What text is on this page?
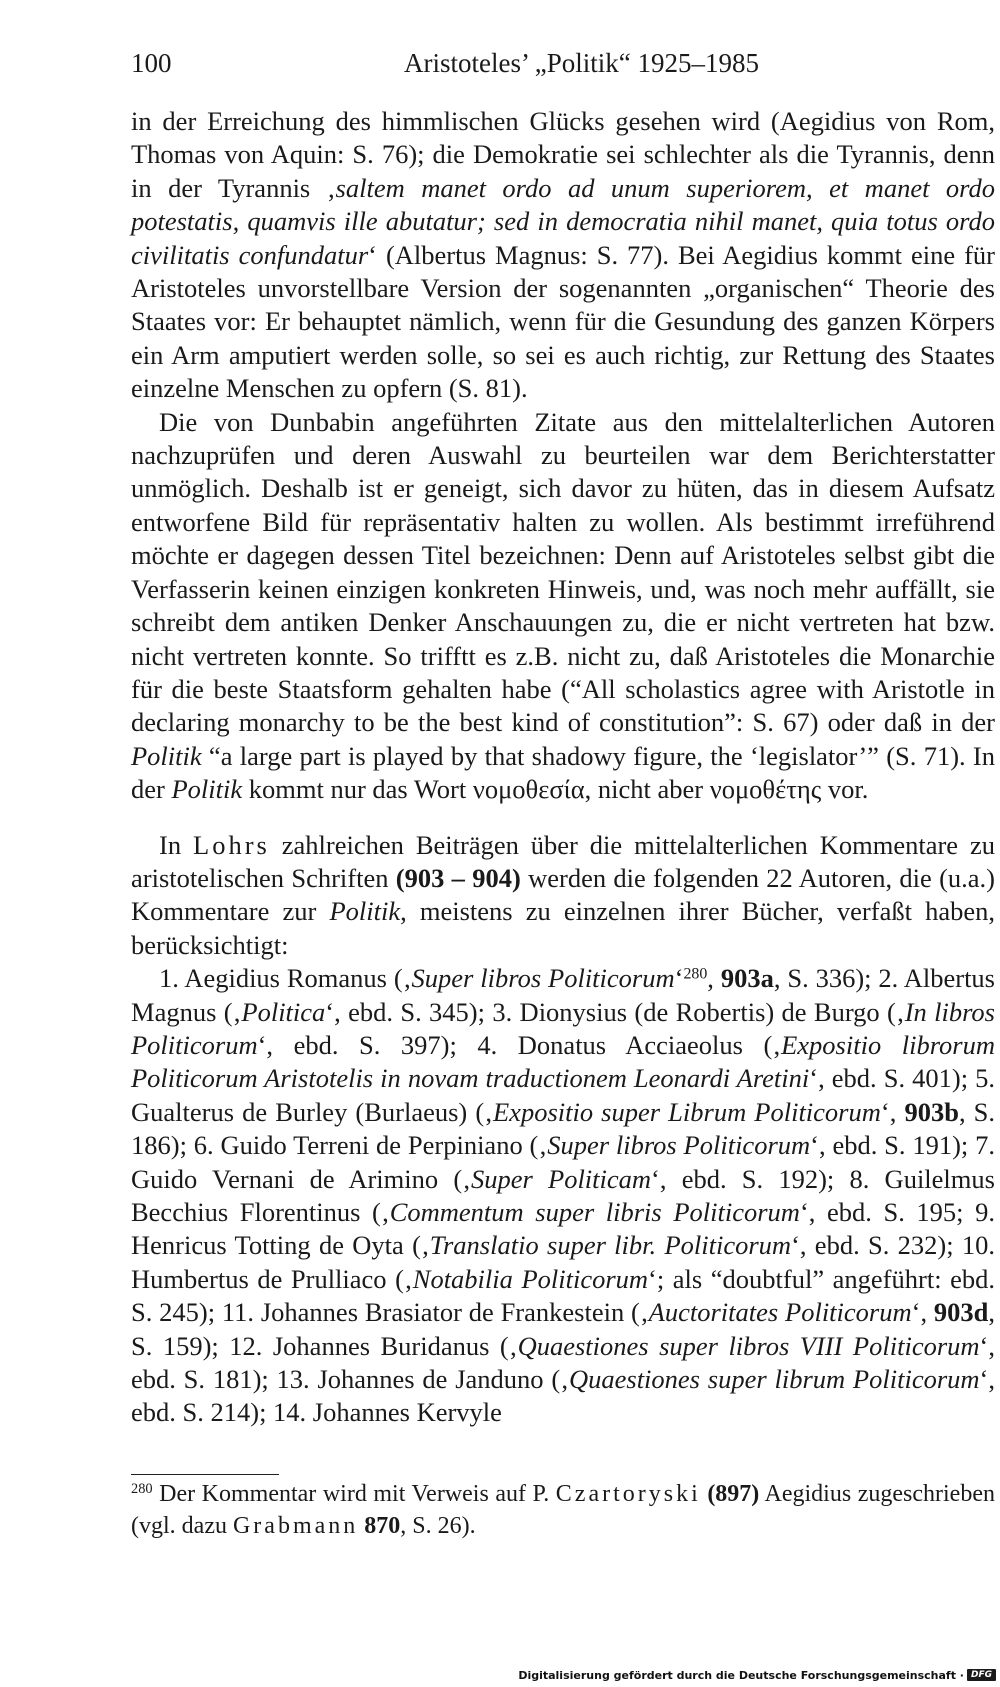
100	Aristoteles’ „Politik“ 1925–1985

in der Erreichung des himmlischen Glücks gesehen wird (Aegidius von Rom, Thomas von Aquin: S. 76); die Demokratie sei schlechter als die Tyrannis, denn in der Tyrannis ‚saltem manet ordo ad unum superiorem, et manet ordo potestatis, quamvis ille abutatur; sed in democratia nihil manet, quia totus ordo civilitatis confundatur‘ (Albertus Magnus: S. 77). Bei Aegidius kommt eine für Aristoteles unvorstellbare Version der sogenannten „organischen“ Theorie des Staates vor: Er behauptet nämlich, wenn für die Gesundung des ganzen Körpers ein Arm amputiert werden solle, so sei es auch richtig, zur Rettung des Staates einzelne Menschen zu opfern (S. 81).

Die von Dunbabin angeführten Zitate aus den mittelalterlichen Autoren nachzuprüfen und deren Auswahl zu beurteilen war dem Berichterstatter unmöglich. Deshalb ist er geneigt, sich davor zu hüten, das in diesem Aufsatz entworfene Bild für repräsentativ halten zu wollen. Als bestimmt irreführend möchte er dagegen dessen Titel bezeichnen: Denn auf Aristoteles selbst gibt die Verfasserin keinen einzigen konkreten Hinweis, und, was noch mehr auffällt, sie schreibt dem antiken Denker Anschauungen zu, die er nicht vertreten hat bzw. nicht vertreten konnte. So trifftt es z.B. nicht zu, daß Aristoteles die Monarchie für die beste Staatsform gehalten habe (“All scholastics agree with Aristotle in declaring monarchy to be the best kind of constitution”: S. 67) oder daß in der Politik “a large part is played by that shadowy figure, the ‘legislator’” (S. 71). In der Politik kommt nur das Wort νομοθεσία, nicht aber νομοθέτης vor.

In Lohrs zahlreichen Beiträgen über die mittelalterlichen Kommentare zu aristotelischen Schriften (903 – 904) werden die folgenden 22 Autoren, die (u.a.) Kommentare zur Politik, meistens zu einzelnen ihrer Bücher, verfaßt haben, berücksichtigt:

1. Aegidius Romanus (‚Super libros Politicorum‘$^{280}$, 903a, S. 336); 2. Albertus Magnus (‚Politica‘, ebd. S. 345); 3. Dionysius (de Robertis) de Burgo (‚In libros Politicorum‘, ebd. S. 397); 4. Donatus Acciaeolus (‚Expositio librorum Politicorum Aristotelis in novam traductionem Leonardi Aretini‘, ebd. S. 401); 5. Gualterus de Burley (Burlaeus) (‚Expositio super Librum Politicorum‘, 903b, S. 186); 6. Guido Terreni de Perpiniano (‚Super libros Politicorum‘, ebd. S. 191); 7. Guido Vernani de Arimino (‚Super Politicam‘, ebd. S. 192); 8. Guilelmus Becchius Florentinus (‚Commentum super libris Politicorum‘, ebd. S. 195; 9. Henricus Totting de Oyta (‚Translatio super libr. Politicorum‘, ebd. S. 232); 10. Humbertus de Prulliaco (‚Notabilia Politicorum‘; als “doubtful” angeführt: ebd. S. 245); 11. Johannes Brasiator de Frankestein (‚Auctoritates Politicorum‘, 903d, S. 159); 12. Johannes Buridanus (‚Quaestiones super libros VIII Politicorum‘, ebd. S. 181); 13. Johannes de Janduno (‚Quaestiones super librum Politicorum‘, ebd. S. 214); 14. Johannes Kervyle

$^{280}$ Der Kommentar wird mit Verweis auf P. Czartoryski (897) Aegidius zugeschrieben (vgl. dazu Grabmann 870, S. 26).
Digitalisierung gefördert durch die Deutsche Forschungsgemeinschaft · DFG
